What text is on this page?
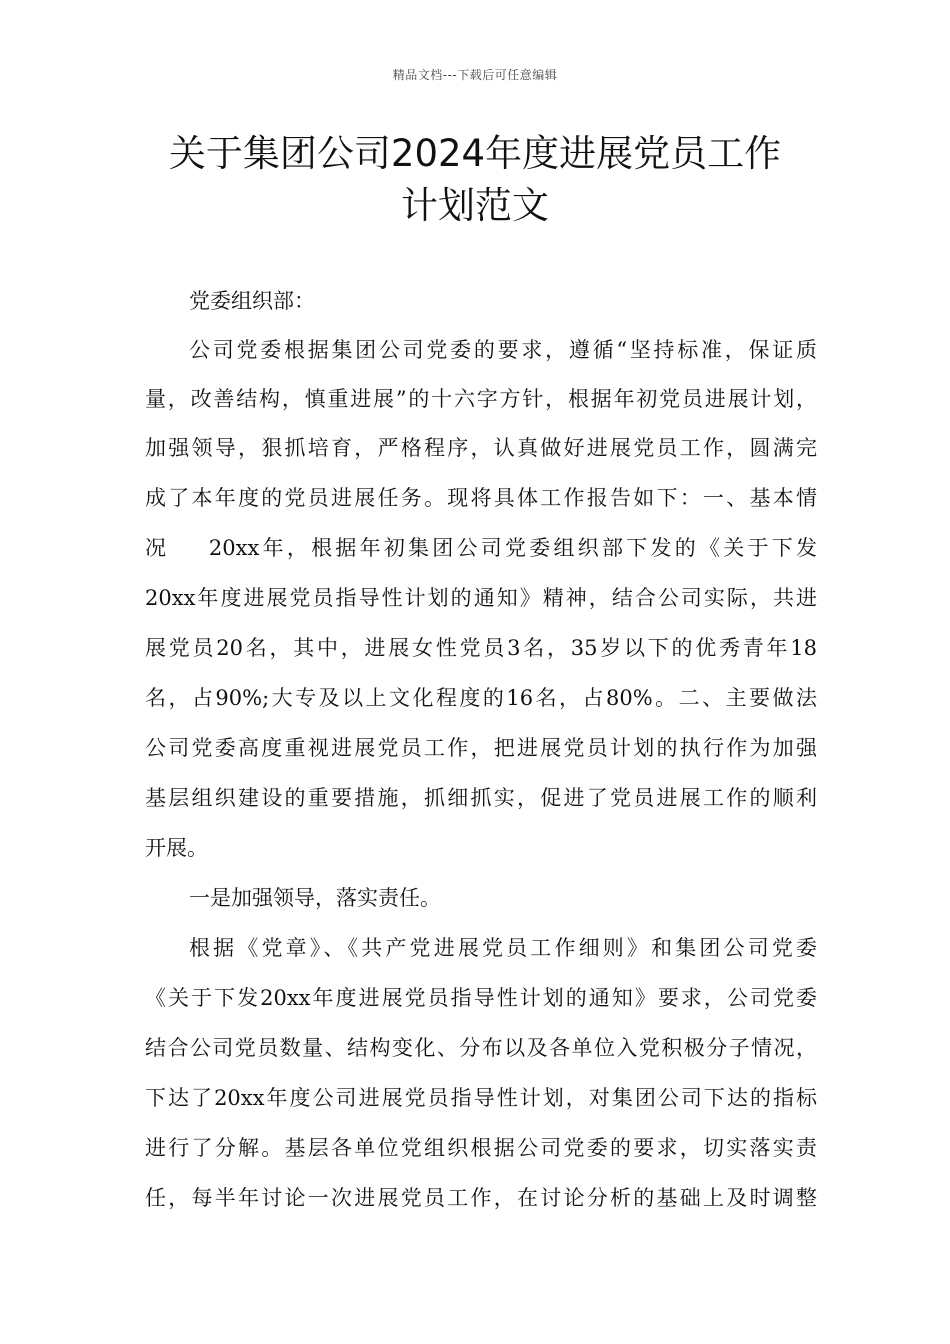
精品文档---下载后可任意编辑
关于集团公司2024年度进展党员工作
计划范文
党委组织部：
公司党委根据集团公司党委的要求，遵循“坚持标准，保证质
量，改善结构，慎重进展”的十六字方针，根据年初党员进展计划，
加强领导，狠抓培育，严格程序，认真做好进展党员工作，圆满完
成了本年度的党员进展任务。现将具体工作报告如下：一、基本情
况    20xx年，根据年初集团公司党委组织部下发的《关于下发
20xx年度进展党员指导性计划的通知》精神，结合公司实际，共进
展党员20名，其中，进展女性党员3名，35岁以下的优秀青年18
名，占90%;大专及以上文化程度的16名，占80%。二、主要做法
公司党委高度重视进展党员工作，把进展党员计划的执行作为加强
基层组织建设的重要措施，抓细抓实，促进了党员进展工作的顺利
开展。
一是加强领导，落实责任。
根据《党章》、《共产党进展党员工作细则》和集团公司党委
《关于下发20xx年度进展党员指导性计划的通知》要求，公司党委
结合公司党员数量、结构变化、分布以及各单位入党积极分子情况，
下达了20xx年度公司进展党员指导性计划，对集团公司下达的指标
进行了分解。基层各单位党组织根据公司党委的要求，切实落实责
任，每半年讨论一次进展党员工作，在讨论分析的基础上及时调整
